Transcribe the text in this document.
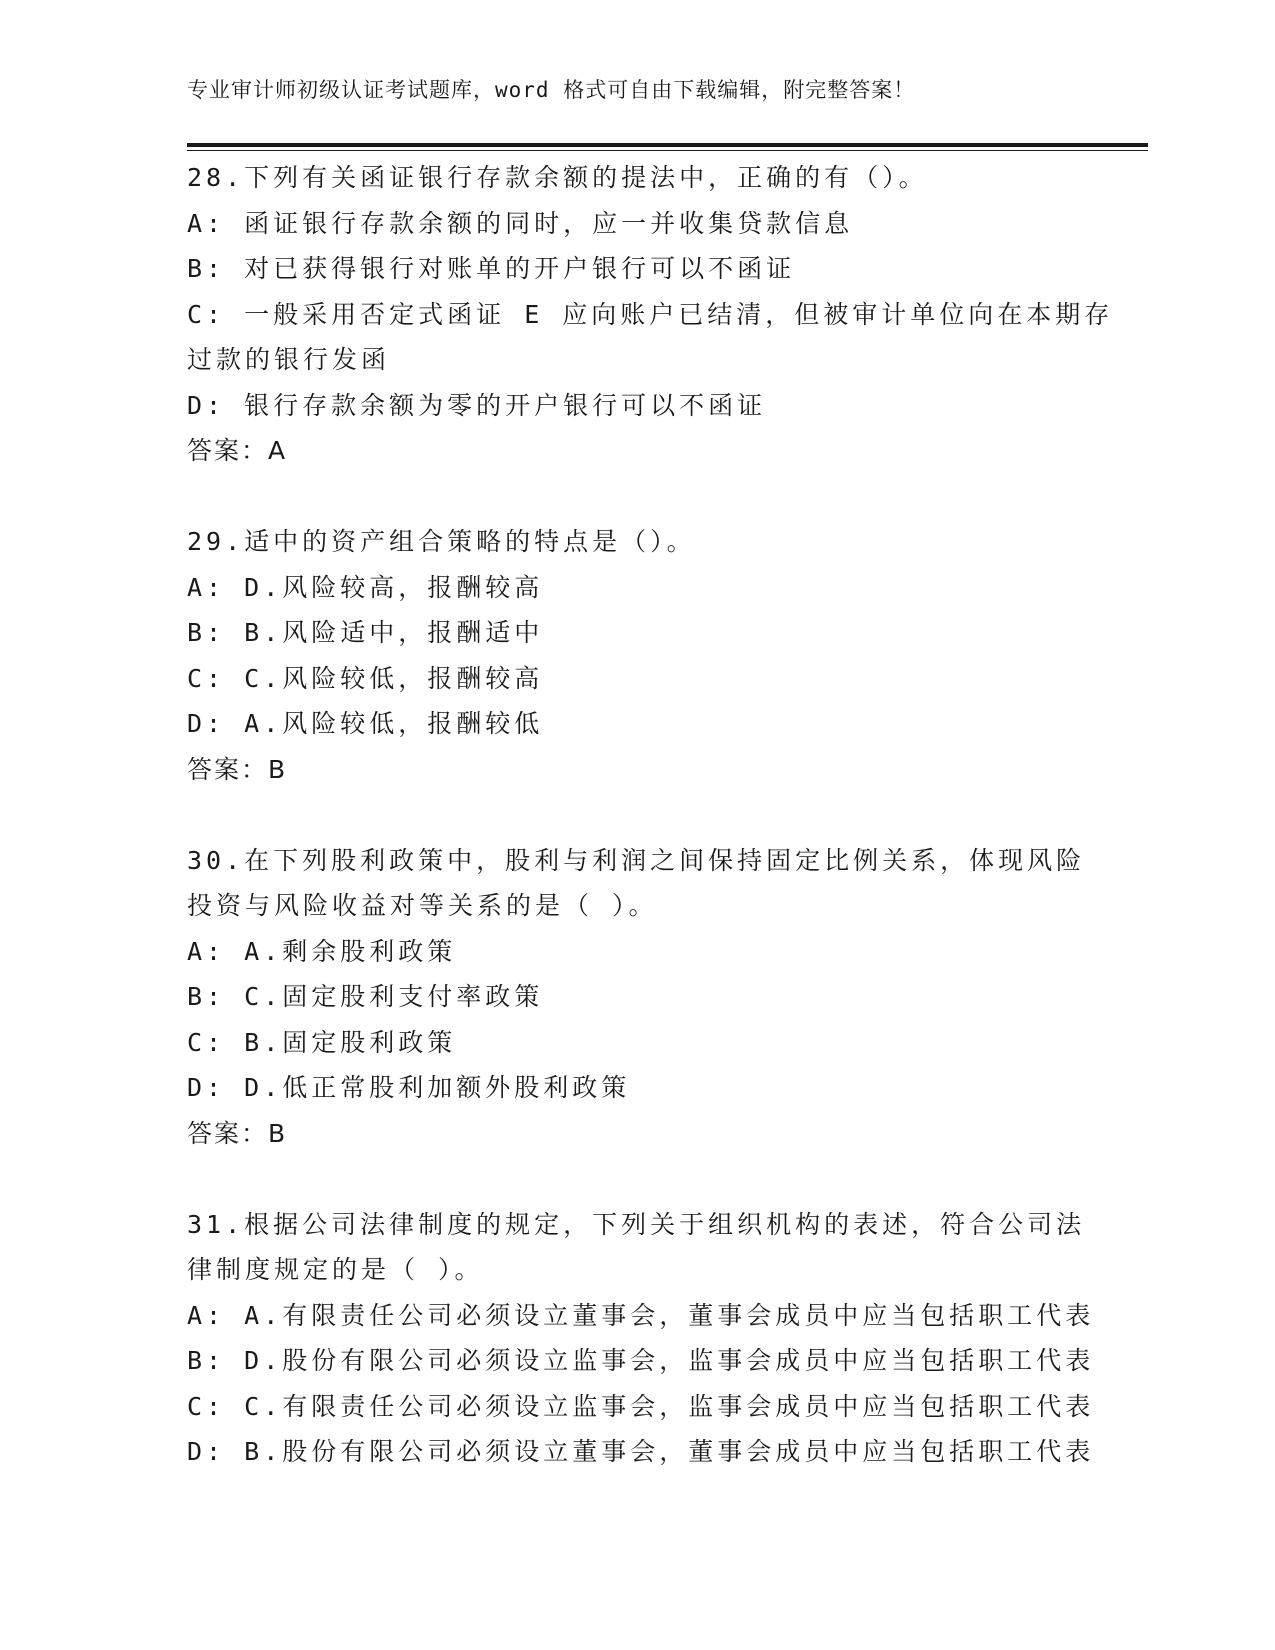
专业审计师初级认证考试题库，word 格式可自由下载编辑，附完整答案！
28.下列有关函证银行存款余额的提法中，正确的有（）。
A: 函证银行存款余额的同时，应一并收集贷款信息
B: 对已获得银行对账单的开户银行可以不函证
C: 一般采用否定式函证 E 应向账户已结清，但被审计单位向在本期存
过款的银行发函
D: 银行存款余额为零的开户银行可以不函证
答案：A
29.适中的资产组合策略的特点是（）。
A: D.风险较高，报酬较高
B: B.风险适中，报酬适中
C: C.风险较低，报酬较高
D: A.风险较低，报酬较低
答案：B
30.在下列股利政策中，股利与利润之间保持固定比例关系，体现风险
投资与风险收益对等关系的是（ ）。
A: A.剩余股利政策
B: C.固定股利支付率政策
C: B.固定股利政策
D: D.低正常股利加额外股利政策
答案：B
31.根据公司法律制度的规定，下列关于组织机构的表述，符合公司法
律制度规定的是（ ）。
A: A.有限责任公司必须设立董事会，董事会成员中应当包括职工代表
B: D.股份有限公司必须设立监事会，监事会成员中应当包括职工代表
C: C.有限责任公司必须设立监事会，监事会成员中应当包括职工代表
D: B.股份有限公司必须设立董事会，董事会成员中应当包括职工代表
